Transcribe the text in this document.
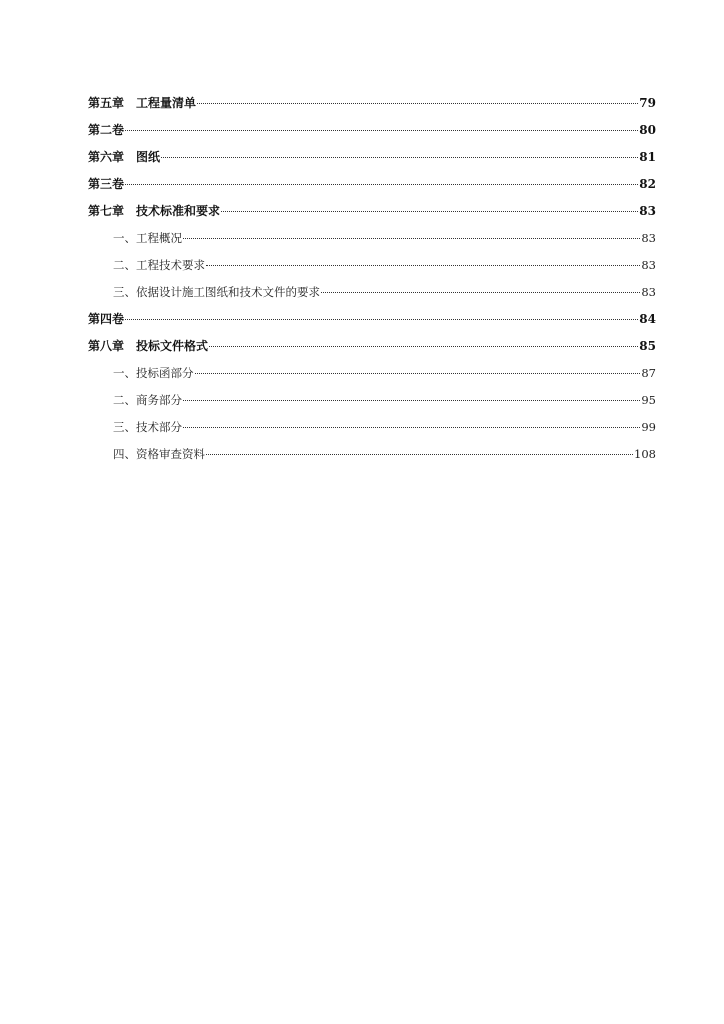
第五章　工程量清单	79
第二卷	80
第六章　图纸	81
第三卷	82
第七章　技术标准和要求	83
一、工程概况	83
二、工程技术要求	83
三、依据设计施工图纸和技术文件的要求	83
第四卷	84
第八章　投标文件格式	85
一、投标函部分	87
二、商务部分	95
三、技术部分	99
四、资格审查资料	108
